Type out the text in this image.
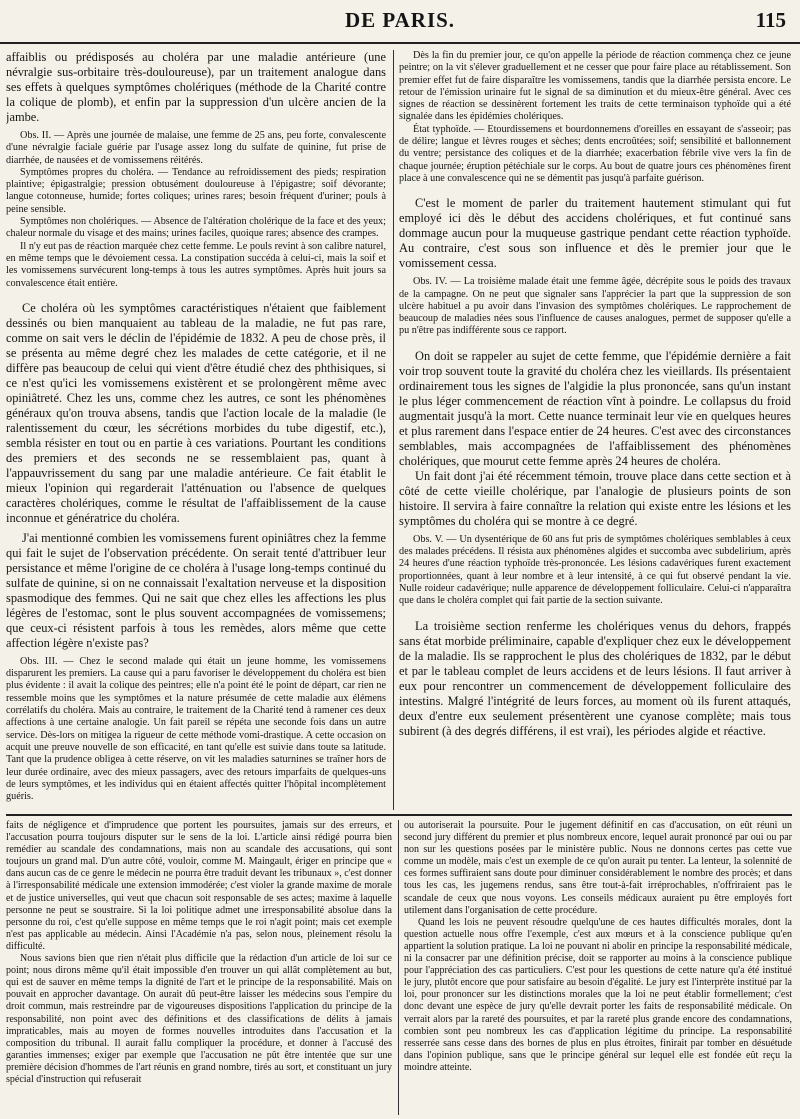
DE PARIS.	115

affaiblis ou prédisposés au choléra par une maladie antérieure (une névralgie sus-orbitaire très-douloureuse), par un traitement analogue dans ses effets à quelques symptômes cholériques (méthode de la Charité contre la colique de plomb), et enfin par la suppression d'un ulcère ancien de la jambe.

Obs. II. — Après une journée de malaise, une femme de 25 ans, peu forte, convalescente d'une névralgie faciale guérie par l'usage assez long du sulfate de quinine, fut prise de diarrhée, de nausées et de vomissemens réitérés.

Symptômes propres du choléra. — Tendance au refroidissement des pieds; respiration plaintive; épigastralgie; pression obtusément douloureuse à l'épigastre; soif dévorante; langue cotonneuse, humide; fortes coliques; urines rares; besoin fréquent d'uriner; pouls à peine sensible.

Symptômes non cholériques. — Absence de l'altération cholérique de la face et des yeux; chaleur normale du visage et des mains; urines faciles, quoique rares; absence des crampes.

Il n'y eut pas de réaction marquée chez cette femme. Le pouls revint à son calibre naturel, en même temps que le dévoiement cessa. La constipation succéda à celui-ci, mais la soif et les vomissemens survécurent long-temps à tous les autres symptômes. Après huit jours sa convalescence était entière.

Ce choléra où les symptômes caractéristiques n'étaient que faiblement dessinés ou bien manquaient au tableau de la maladie, ne fut pas rare, comme on sait vers le déclin de l'épidémie de 1832. A peu de chose près, il se présenta au même degré chez les malades de cette catégorie, et il ne diffère pas beaucoup de celui qui vient d'être étudié chez des phthisiques, si ce n'est qu'ici les vomissemens existèrent et se prolongèrent même avec opiniâtreté. Chez les uns, comme chez les autres, ce sont les phénomènes généraux qu'on trouva absens, tandis que l'action locale de la maladie (le ralentissement du cœur, les sécrétions morbides du tube digestif, etc.), sembla résister en tout ou en partie à ces variations. Pourtant les conditions des premiers et des seconds ne se ressemblaient pas, quant à l'appauvrissement du sang par une maladie antérieure. Ce fait établit le mieux l'opinion qui regarderait l'atténuation ou l'absence de quelques caractères cholériques, comme le résultat de l'affaiblissement de la cause inconnue et génératrice du choléra.

J'ai mentionné combien les vomissemens furent opiniâtres chez la femme qui fait le sujet de l'observation précédente. On serait tenté d'attribuer leur persistance et même l'origine de ce choléra à l'usage long-temps continué du sulfate de quinine, si on ne connaissait l'exaltation nerveuse et la disposition spasmodique des femmes. Qui ne sait que chez elles les affections les plus légères de l'estomac, sont le plus souvent accompagnées de vomissemens; que ceux-ci résistent parfois à tous les remèdes, alors même que cette affection légère n'existe pas?

Obs. III. — Chez le second malade qui était un jeune homme, les vomissemens disparurent les premiers. La cause qui a paru favoriser le développement du choléra est bien plus évidente : il avait la colique des peintres; elle n'a point été le point de départ, car rien ne ressemble moins que les symptômes et la nature présumée de cette maladie aux élémens corrélatifs du choléra. Mais au contraire, le traitement de la Charité tend à ramener ces deux affections à une certaine analogie. Un fait pareil se répéta une seconde fois dans un autre service. Dès-lors on mitigea la rigueur de cette méthode vomi-drastique. A cette occasion on acquit une preuve nouvelle de son efficacité, en tant qu'elle est suivie dans toute sa latitude. Tant que la prudence obligea à cette réserve, on vit les maladies saturnines se traîner hors de leur durée ordinaire, avec des mieux passagers, avec des retours imparfaits de quelques-uns de leurs symptômes, et les individus qui en étaient affectés quitter l'hôpital incomplètement guéris.

Dès la fin du premier jour, ce qu'on appelle la période de réaction commença chez ce jeune peintre; on la vit s'élever graduellement et ne cesser que pour faire place au rétablissement. Son premier effet fut de faire disparaître les vomissemens, tandis que la diarrhée persista encore. Le retour de l'émission urinaire fut le signal de sa diminution et du mieux-être général. Avec ces signes de réaction se dessinèrent fortement les traits de cette terminaison typhoïde qui a été signalée dans les épidémies cholériques.

État typhoïde. — Etourdissemens et bourdonnemens d'oreilles en essayant de s'asseoir; pas de délire; langue et lèvres rouges et sèches; dents encroûtées; soif; sensibilité et ballonnement du ventre; persistance des coliques et de la diarrhée; exacerbation fébrile vive vers la fin de chaque journée; éruption pétéchiale sur le corps. Au bout de quatre jours ces phénomènes firent place à une convalescence qui ne se démentit pas jusqu'à parfaite guérison.

C'est le moment de parler du traitement hautement stimulant qui fut employé ici dès le début des accidens cholériques, et fut continué sans dommage aucun pour la muqueuse gastrique pendant cette réaction typhoïde. Au contraire, c'est sous son influence et dès le premier jour que le vomissement cessa.

Obs. IV. — La troisième malade était une femme âgée, décrépite sous le poids des travaux de la campagne. On ne peut que signaler sans l'apprécier la part que la suppression de son ulcère habituel a pu avoir dans l'invasion des symptômes cholériques. Le rapprochement de beaucoup de maladies nées sous l'influence de causes analogues, permet de supposer qu'elle a pu n'être pas indifférente sous ce rapport.

On doit se rappeler au sujet de cette femme, que l'épidémie dernière a fait voir trop souvent toute la gravité du choléra chez les vieillards. Ils présentaient ordinairement tous les signes de l'algidie la plus prononcée, sans qu'un instant le plus léger commencement de réaction vînt à poindre. Le collapsus du froid augmentait jusqu'à la mort. Cette nuance terminait leur vie en quelques heures et plus rarement dans l'espace entier de 24 heures. C'est avec des circonstances semblables, mais accompagnées de l'affaiblissement des phénomènes cholériques, que mourut cette femme après 24 heures de choléra.

Un fait dont j'ai été récemment témoin, trouve place dans cette section et à côté de cette vieille cholérique, par l'analogie de plusieurs points de son histoire. Il servira à faire connaître la relation qui existe entre les lésions et les symptômes du choléra qui se montre à ce degré.

Obs. V. — Un dysentérique de 60 ans fut pris de symptômes cholériques semblables à ceux des malades précédens. Il résista aux phénomènes algides et succomba avec subdelirium, après 24 heures d'une réaction typhoïde très-prononcée. Les lésions cadavériques furent exactement proportionnées, quant à leur nombre et à leur intensité, à ce qui fut observé pendant la vie. Nulle roideur cadavérique; nulle apparence de développement folliculaire. Celui-ci n'apparaîtra que dans le choléra complet qui fait partie de la section suivante.

La troisième section renferme les cholériques venus du dehors, frappés sans état morbide préliminaire, capable d'expliquer chez eux le développement de la maladie. Ils se rapprochent le plus des cholériques de 1832, par le début et par le tableau complet de leurs accidens et de leurs lésions. Il faut arriver à eux pour rencontrer un commencement de développement folliculaire des intestins. Malgré l'intégrité de leurs forces, au moment où ils furent attaqués, deux d'entre eux seulement présentèrent une cyanose complète; mais tous subirent (à des degrés différens, il est vrai), les périodes algide et réactive.

faits de négligence et d'imprudence que portent les poursuites, jamais sur des erreurs, et l'accusation pourra toujours disputer sur le sens de la loi. L'article ainsi rédigé pourra bien remédier au scandale des condamnations, mais non au scandale des accusations, qui sont toujours un grand mal. D'un autre côté, vouloir, comme M. Maingault, ériger en principe que « dans aucun cas de ce genre le médecin ne pourra être traduit devant les tribunaux », c'est donner à l'irresponsabilité médicale une extension immodérée; c'est violer la grande maxime de morale et de justice universelles, qui veut que chacun soit responsable de ses actes; maxime à laquelle personne ne peut se soustraire. Si la loi politique admet une irresponsabilité absolue dans la personne du roi, c'est qu'elle suppose en même temps que le roi n'agit point; mais cet exemple n'est pas applicable au médecin. Ainsi l'Académie n'a pas, selon nous, pleinement résolu la difficulté.

Nous savions bien que rien n'était plus difficile que la rédaction d'un article de loi sur ce point; nous dirons même qu'il était impossible d'en trouver un qui allât complètement au but, qui est de sauver en même temps la dignité de l'art et le principe de la responsabilité. Mais on pouvait en approcher davantage. On aurait dû peut-être laisser les médecins sous l'empire du droit commun, mais restreindre par de vigoureuses dispositions l'application du principe de la responsabilité, non point avec des définitions et des classifications de délits à jamais impraticables, mais au moyen de formes nouvelles introduites dans l'accusation et la composition du tribunal. Il aurait fallu compliquer la procédure, et donner à l'accusé des garanties immenses; exiger par exemple que l'accusation ne pût être intentée que sur une première décision d'hommes de l'art réunis en grand nombre, tirés au sort, et constituant un jury spécial d'instruction qui refuserait

ou autoriserait la poursuite. Pour le jugement définitif en cas d'accusation, on eût réuni un second jury différent du premier et plus nombreux encore, lequel aurait prononcé par oui ou par non sur les questions posées par le ministère public. Nous ne donnons certes pas cette vue comme un modèle, mais c'est un exemple de ce qu'on aurait pu tenter. La lenteur, la solennité de ces formes suffiraient sans doute pour diminuer considérablement le nombre des procès; et dans tous les cas, les jugemens rendus, sans être tout-à-fait irréprochables, n'offriraient pas le scandale de ceux que nous voyons. Les conseils médicaux auraient pu être employés fort utilement dans l'organisation de cette procédure.

Quand les lois ne peuvent résoudre quelqu'une de ces hautes difficultés morales, dont la question actuelle nous offre l'exemple, c'est aux mœurs et à la conscience publique qu'en appartient la solution pratique. La loi ne pouvant ni abolir en principe la responsabilité médicale, ni la consacrer par une définition précise, doit se rapporter au moins à la conscience publique pour l'appréciation des cas particuliers. C'est pour les questions de cette nature qu'a été institué le jury, plutôt encore que pour satisfaire au besoin d'égalité. Le jury est l'interprète institué par la loi, pour prononcer sur les distinctions morales que la loi ne peut établir formellement; c'est donc devant une espèce de jury qu'elle devrait porter les faits de responsabilité médicale. On verrait alors par la rareté des poursuites, et par la rareté plus grande encore des condamnations, combien sont peu nombreux les cas d'application légitime du principe. La responsabilité resserrée sans cesse dans des bornes de plus en plus étroites, finirait par tomber en désuétude dans l'opinion publique, sans que le principe général sur lequel elle est fondée eût reçu la moindre atteinte.
